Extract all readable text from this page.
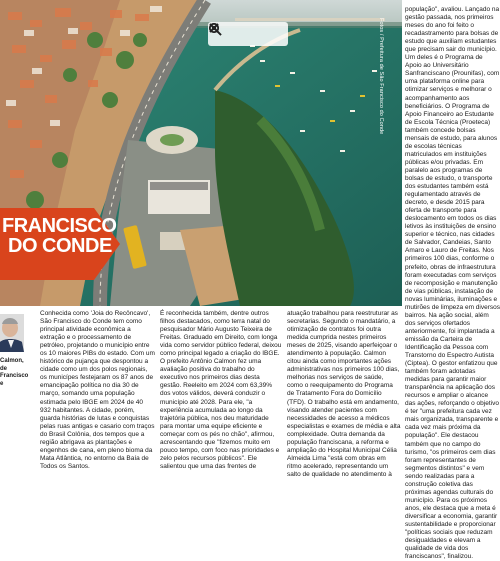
Fotos / Prefeitura de São Francisco do Conde
FRANCISCO
DO CONDE
Calmon,
de
Francisco
e

Conhecida como 'Joia do Recôncavo', São Francisco do Conde tem como principal atividade econômica a extração e o processamento de petróleo, projetando o município entre os 10 maiores PIBs do estado. Com um histórico de pujança que despontou a cidade como um dos polos regionais, os municípes festejaram os 87 anos de emancipação política no dia 30 de março, somando uma população estimada pelo IBGE em 2024 de 40 932 habitantes. A cidade, porém, guarda histórias de lutas e conquistas pelas ruas antigas e casario com traços do Brasil Colônia, dos tempos que a região abrigava as plantações e engenhos de cana, em pleno bioma da Mata Atlântica, no entorno da Baía de Todos os Santos.

É reconhecida também, dentre outros filhos destacados, como terra natal do pesquisador Mário Augusto Teixeira de Freitas. Graduado em Direito, com longa vida como servidor público federal, deixou como principal legado a criação do IBGE. O prefeito Antônio Calmon fez uma avaliação positiva do trabalho do executivo nos primeiros dias desta gestão. Reeleito em 2024 com 63,39% dos votos válidos, deverá conduzir o município até 2028. Para ele, "a experiência acumulada ao longo da trajetória pública, nos deu maturidade para montar uma equipe eficiente e começar com os pés no chão", afirmou, acrescentando que "fizemos muito em pouco tempo, com foco nas prioridades e zelo pelos recursos públicos". Ele salientou que uma das frentes de

atuação trabalhou para reestruturar as secretarias. Segundo o mandatário, a otimização de contratos foi outra medida cumprida nestes primeiros meses de 2025, visando aperfeiçoar o atendimento à população. Calmon citou ainda como importantes ações administrativas nos primeiros 100 dias, melhorias nos serviços de saúde, como o reequipamento do Programa de Tratamento Fora do Domicílio (TFD). O trabalho está em andamento, visando atender pacientes com necessidades de acesso a médicos especialistas e exames de média e alta complexidade. Outra demanda da população franciscana, a reforma e ampliação do Hospital Municipal Célia Almeida Lima "está com obras em ritmo acelerado, representando um salto de qualidade no atendimento à

população", avaliou. Lançado na gestão passada, nos primeiros meses do ano foi feito o recadastramento para bolsas de estudo que auxiliam estudantes que precisam sair do município. Um deles é o Programa de Apoio ao Universitário Sanfranciscano (Prounifas), com uma plataforma online para otimizar serviços e melhorar o acompanhamento aos beneficiários. O Programa de Apoio Financeiro ao Estudante de Escola Técnica (Proeteca) também concede bolsas mensais de estudo, para alunos de escolas técnicas matriculados em instituições públicas e/ou privadas. Em paralelo aos programas de bolsas de estudo, o transporte dos estudantes também está regulamentado através de decreto, e desde 2015 para oferta de transporte para deslocamento em todos os dias letivos às instituições de ensino superior e técnico, nas cidades de Salvador, Candeias, Santo Amaro e Lauro de Freitas. Nos primeiros 100 dias, conforme o prefeito, obras de infraestrutura foram executadas com serviços de recomposição e manutenção de vias públicas, instalação de novas luminárias, iluminações e mutirões de limpeza em diversos bairros. Na ação social, além dos serviços ofertados anteriormente, foi implantada a emissão da Carteira de Identificação da Pessoa com Transtorno do Espectro Autista (Ciptea). O gestor enfatizou que também foram adotadas medidas para garantir maior transparência na aplicação dos recursos e ampliar o alcance das ações, reforçando o objetivo é ter "uma prefeitura cada vez mais organizada, transparente e cada vez mais próxima da população". Ele destacou também que no campo do turismo, "os primeiros cem dias foram representantes de segmentos distintos" e vem sendo realizadas para a construção coletiva das próximas agendas culturais do município. Para os próximos anos, ele destaca que a meta é diversificar a economia, garantir sustentabilidade e proporcionar "políticas sociais que reduzam desigualdades e elevam a qualidade de vida dos franciscanos", finalizou.
